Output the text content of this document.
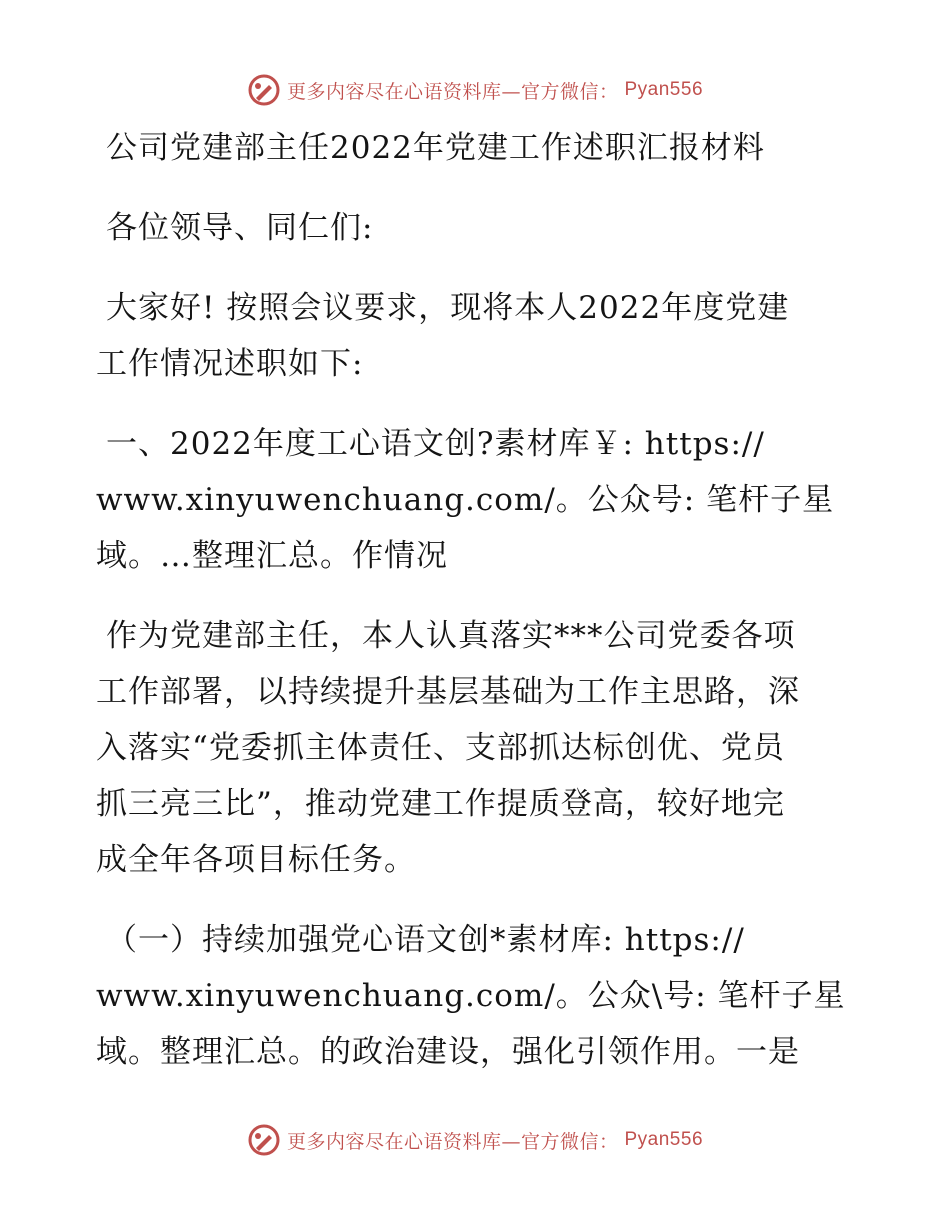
更多内容尽在心语资料库—官方微信： Pyan556
公司党建部主任2022年党建工作述职汇报材料
各位领导、同仁们:
大家好! 按照会议要求，现将本人2022年度党建
工作情况述职如下:
一、2022年度工心语文创?素材库￥: https://
www.xinyuwenchuang.com/。公众号: 笔杆子星
域。…整理汇总。作情况
作为党建部主任，本人认真落实***公司党委各项
工作部署，以持续提升基层基础为工作主思路，深
入落实“党委抓主体责任、支部抓达标创优、党员
抓三亮三比”，推动党建工作提质登高，较好地完
成全年各项目标任务。
（一）持续加强党心语文创*素材库: https://
www.xinyuwenchuang.com/。公众\号: 笔杆子星
域。整理汇总。的政治建设，强化引领作用。一是
更多内容尽在心语资料库—官方微信： Pyan556
